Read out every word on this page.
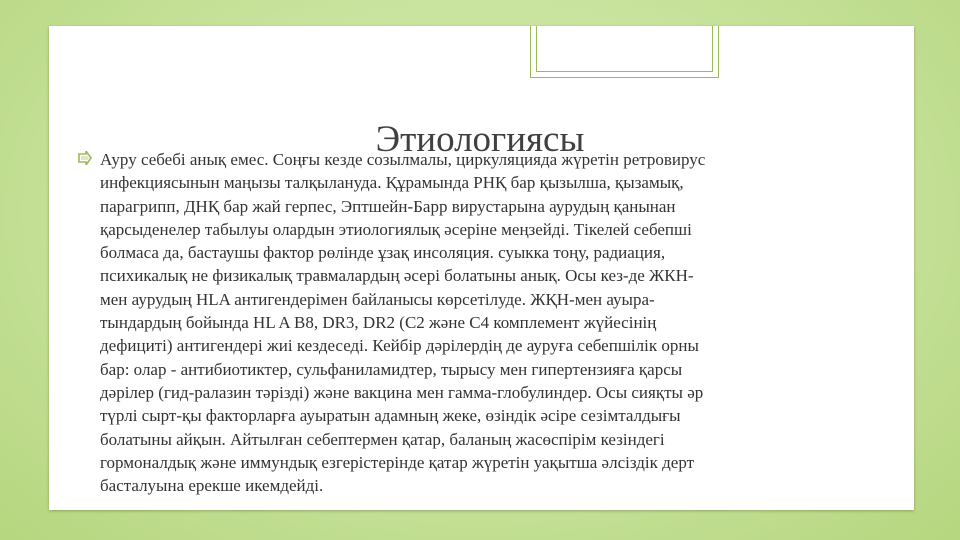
Этиологиясы

Ауру себебі анық емес. Соңғы кезде созылмалы, циркуляцияда жүретін ретровирус
инфекциясынын маңызы талқылануда. Құрамында РНҚ бар қызылша, қызамық,
парагрипп, ДНҚ бар жай герпес, Эптшейн-Барр вирустарына аурудың қанынан
қарсыденелер табылуы олардын этиологиялық әсеріне меңзейді. Тікелей себепші
болмаса да, бастаушы фактор рөлінде ұзақ инсоляция. суыкка тоңу, радиация,
психикалық не физикалық травмалардың әсері болатыны анық. Осы кез-де ЖКН-
мен аурудың HLA антигендерімен байланысы көрсетілуде. ЖҚН-мен ауыра-
тындардың бойында HL A B8, DR3, DR2 (С2 және С4 комплемент жүйесінің
дефициті) антигендері жиі кездеседі. Кейбір дәрілердің де ауруға себепшілік орны
бар: олар - антибиотиктер, сульфаниламидтер, тырысу мен гипертензияға қарсы
дәрілер (гид-ралазин тәрізді) және вакцина мен гамма-глобулиндер. Осы сияқты әр
түрлі сырт-қы факторларға ауыратын адамның жеке, өзіндік әсіре сезімталдығы
болатыны айқын. Айтылған себептермен қатар, баланың жасөспірім кезіндегі
гормоналдық және иммундық езгерістерінде қатар жүретін уақытша әлсіздік дерт
басталуына ерекше икемдейді.
